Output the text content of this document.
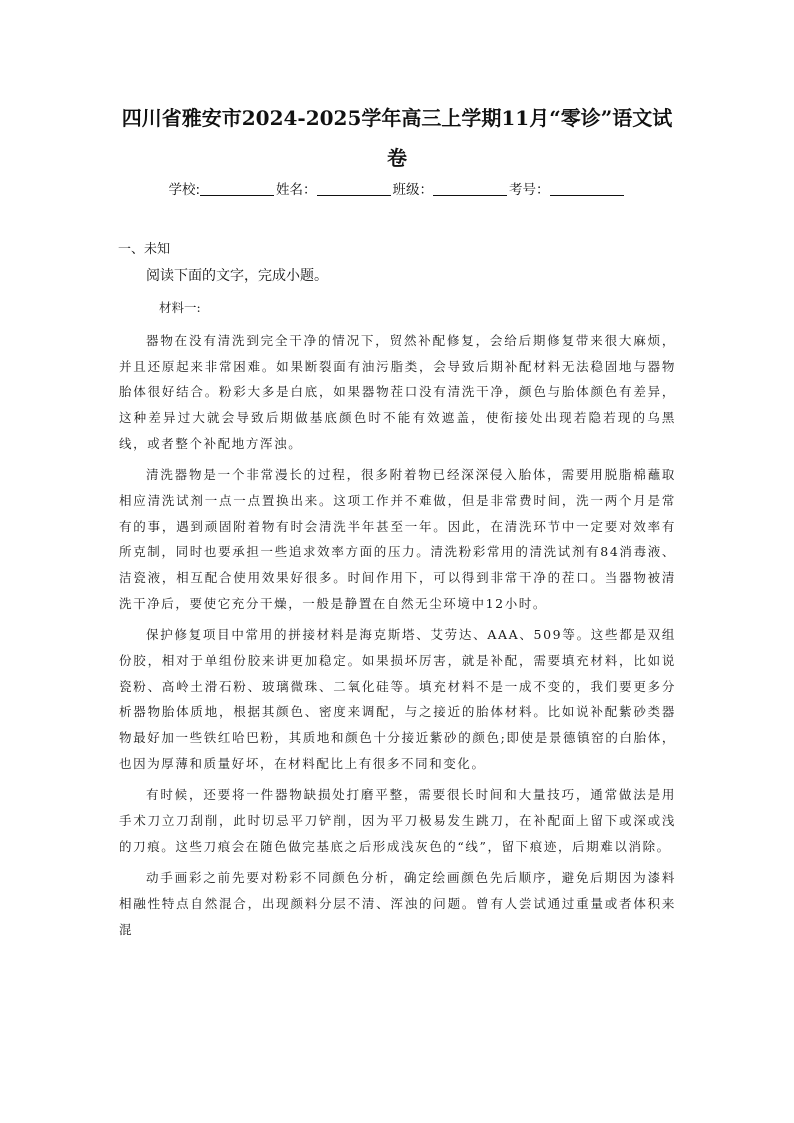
四川省雅安市2024-2025学年高三上学期11月“零诊”语文试
卷
学校:	姓名：	班级：	考号：
一、未知
阅读下面的文字，完成小题。
材料一:

器物在没有清洗到完全干净的情况下，贸然补配修复，会给后期修复带来很大麻烦，并且还原起来非常困难。如果断裂面有油污脂类，会导致后期补配材料无法稳固地与器物胎体很好结合。粉彩大多是白底，如果器物茬口没有清洗干净，颜色与胎体颜色有差异，这种差异过大就会导致后期做基底颜色时不能有效遮盖，使衔接处出现若隐若现的乌黑线，或者整个补配地方浑浊。

清洗器物是一个非常漫长的过程，很多附着物已经深深侵入胎体，需要用脱脂棉蘸取相应清洗试剂一点一点置换出来。这项工作并不难做，但是非常费时间，洗一两个月是常有的事，遇到顽固附着物有时会清洗半年甚至一年。因此，在清洗环节中一定要对效率有所克制，同时也要承担一些追求效率方面的压力。清洗粉彩常用的清洗试剂有84消毒液、洁瓷液，相互配合使用效果好很多。时间作用下，可以得到非常干净的茬口。当器物被清洗干净后，要使它充分干燥，一般是静置在自然无尘环境中12小时。

保护修复项目中常用的拼接材料是海克斯塔、艾劳达、AAA、509等。这些都是双组份胶，相对于单组份胶来讲更加稳定。如果损坏厉害，就是补配，需要填充材料，比如说瓷粉、高岭土滑石粉、玻璃微珠、二氧化硅等。填充材料不是一成不变的，我们要更多分析器物胎体质地，根据其颜色、密度来调配，与之接近的胎体材料。比如说补配紫砂类器物最好加一些铁红哈巴粉，其质地和颜色十分接近紫砂的颜色;即使是景德镇窑的白胎体，也因为厚薄和质量好坏，在材料配比上有很多不同和变化。

有时候，还要将一件器物缺损处打磨平整，需要很长时间和大量技巧，通常做法是用手术刀立刀刮削，此时切忌平刀铲削，因为平刀极易发生跳刀，在补配面上留下或深或浅的刀痕。这些刀痕会在随色做完基底之后形成浅灰色的“线”，留下痕迹，后期难以消除。

动手画彩之前先要对粉彩不同颜色分析，确定绘画颜色先后顺序，避免后期因为漆料相融性特点自然混合，出现颜料分层不清、浑浊的问题。曾有人尝试通过重量或者体积来混
